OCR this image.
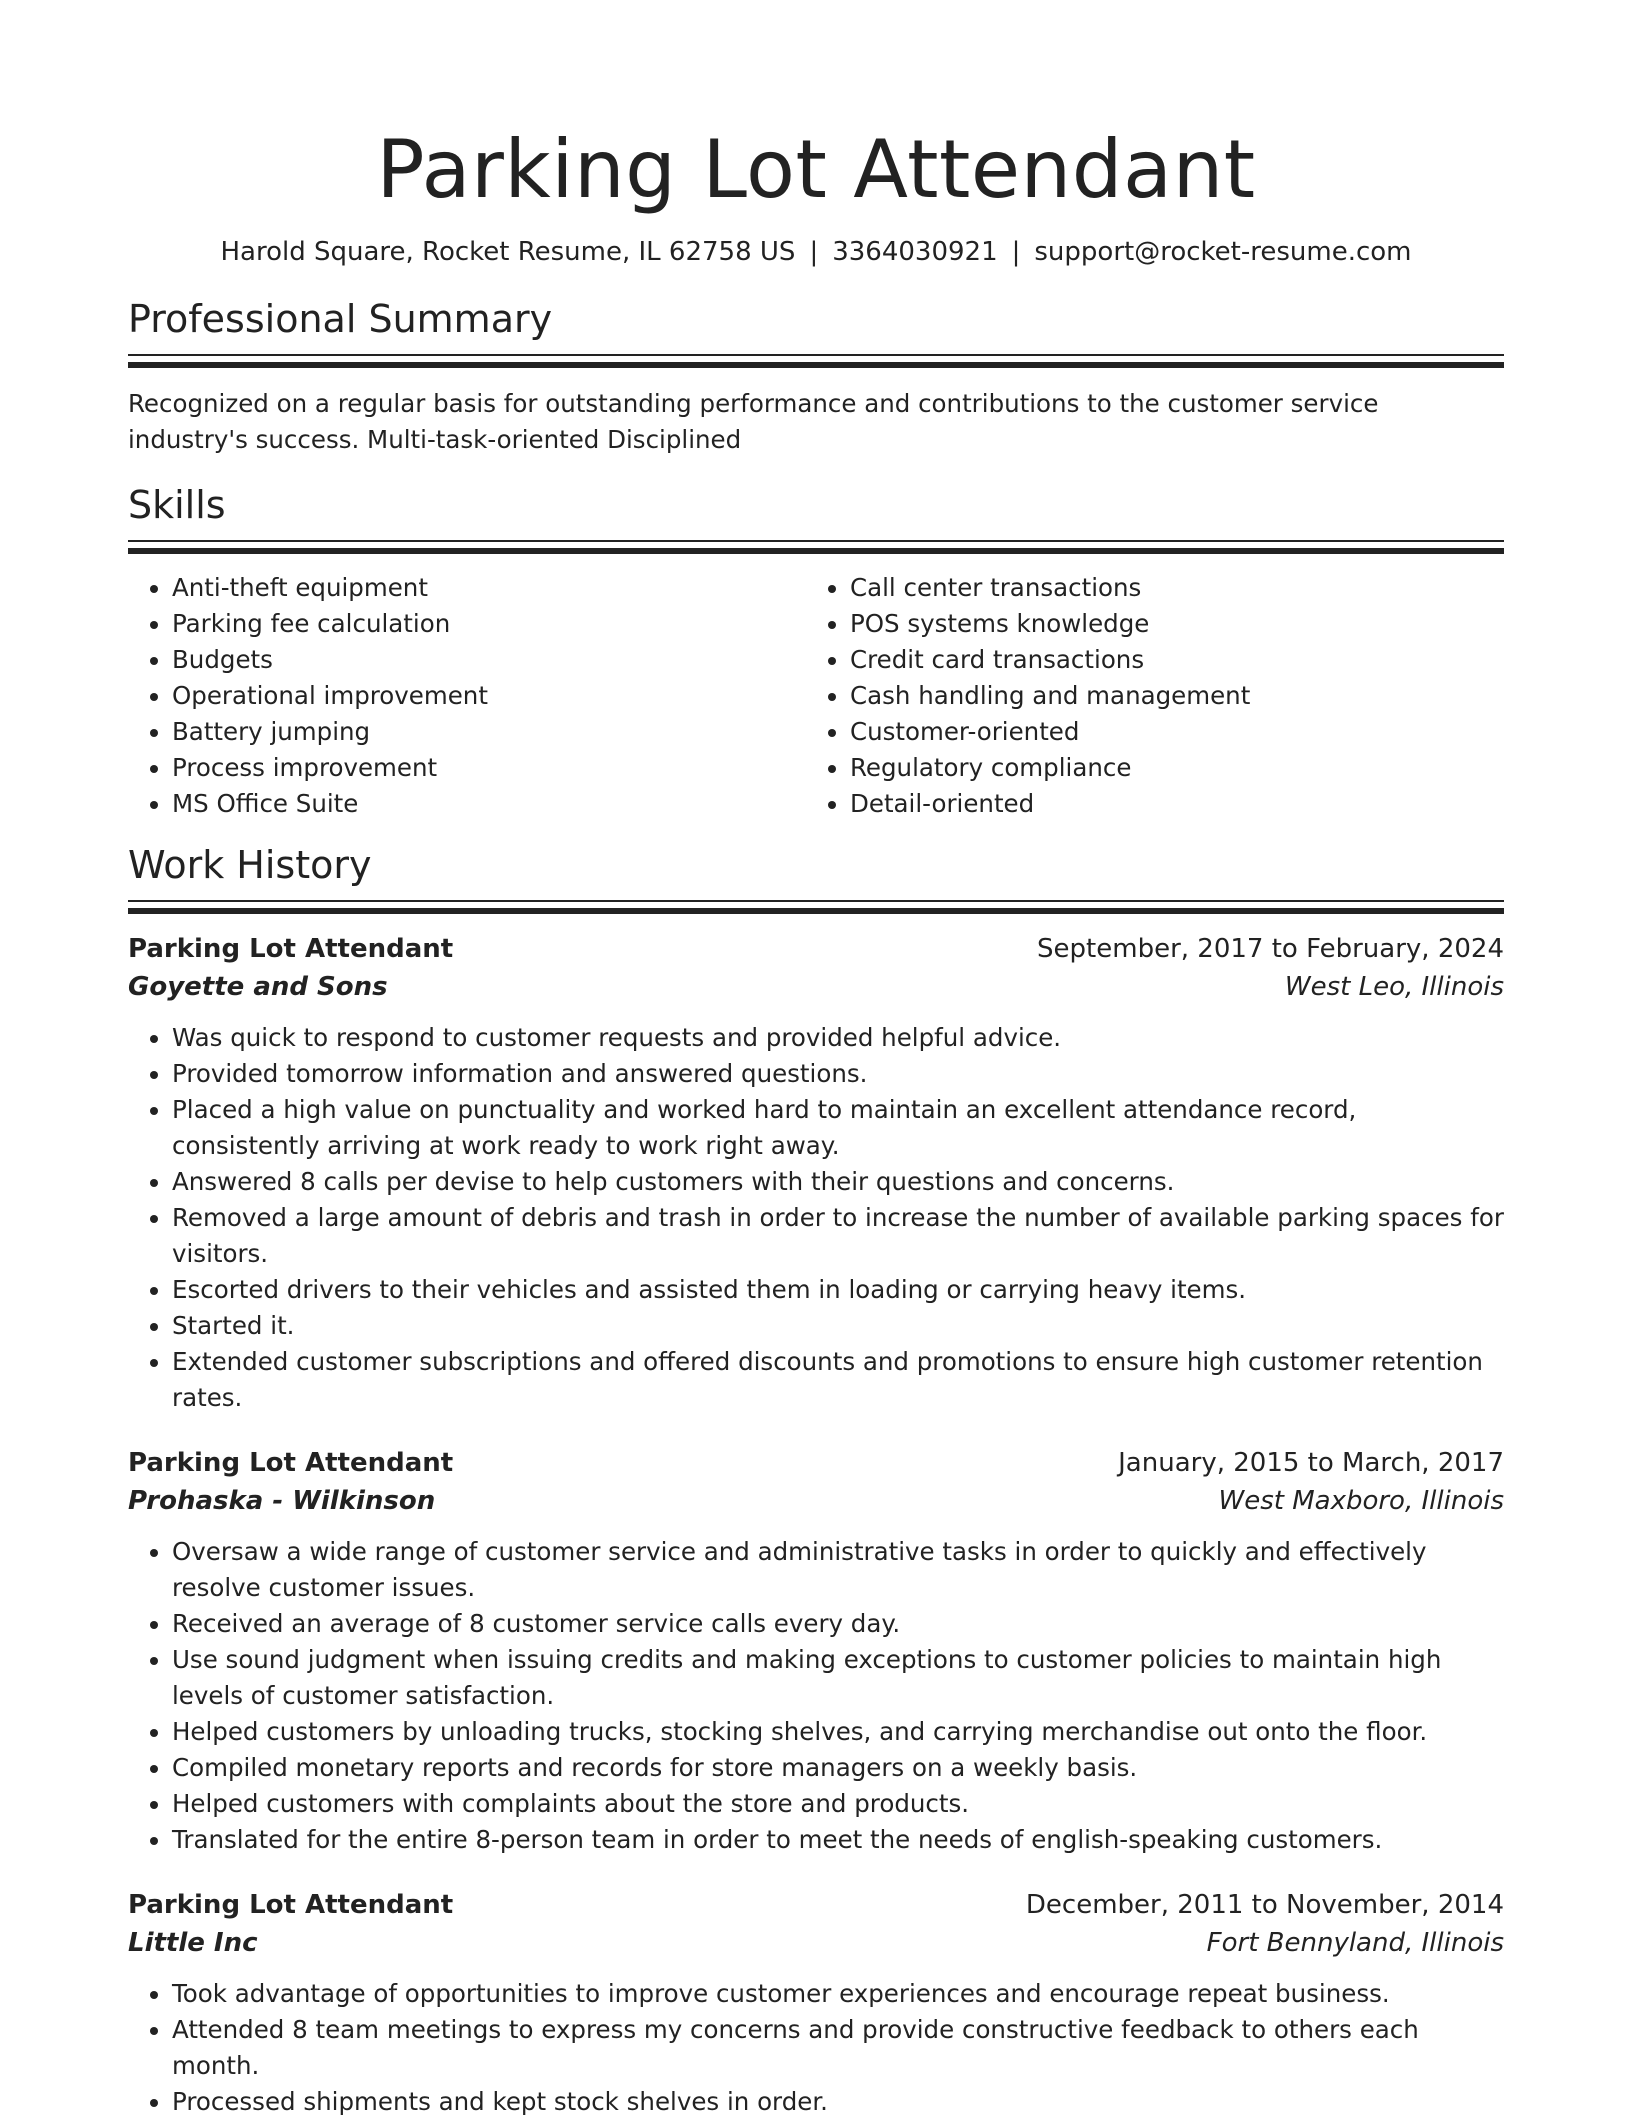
Parking Lot Attendant
Harold Square, Rocket Resume, IL 62758 US | 3364030921 | support@rocket-resume.com
Professional Summary

Recognized on a regular basis for outstanding performance and contributions to the customer service industry's success. Multi-task-oriented Disciplined

Skills
• Anti-theft equipment
• Parking fee calculation
• Budgets
• Operational improvement
• Battery jumping
• Process improvement
• MS Office Suite
• Call center transactions
• POS systems knowledge
• Credit card transactions
• Cash handling and management
• Customer-oriented
• Regulatory compliance
• Detail-oriented
Work History
Parking Lot Attendant	September, 2017 to February, 2024
Goyette and Sons	West Leo, Illinois
• Was quick to respond to customer requests and provided helpful advice.
• Provided tomorrow information and answered questions.
• Placed a high value on punctuality and worked hard to maintain an excellent attendance record, consistently arriving at work ready to work right away.
• Answered 8 calls per devise to help customers with their questions and concerns.
• Removed a large amount of debris and trash in order to increase the number of available parking spaces for visitors.
• Escorted drivers to their vehicles and assisted them in loading or carrying heavy items.
• Started it.
• Extended customer subscriptions and offered discounts and promotions to ensure high customer retention rates.
Parking Lot Attendant	January, 2015 to March, 2017
Prohaska - Wilkinson	West Maxboro, Illinois
• Oversaw a wide range of customer service and administrative tasks in order to quickly and effectively resolve customer issues.
• Received an average of 8 customer service calls every day.
• Use sound judgment when issuing credits and making exceptions to customer policies to maintain high levels of customer satisfaction.
• Helped customers by unloading trucks, stocking shelves, and carrying merchandise out onto the floor.
• Compiled monetary reports and records for store managers on a weekly basis.
• Helped customers with complaints about the store and products.
• Translated for the entire 8-person team in order to meet the needs of english-speaking customers.
Parking Lot Attendant	December, 2011 to November, 2014
Little Inc	Fort Bennyland, Illinois
• Took advantage of opportunities to improve customer experiences and encourage repeat business.
• Attended 8 team meetings to express my concerns and provide constructive feedback to others each month.
• Processed shipments and kept stock shelves in order.
